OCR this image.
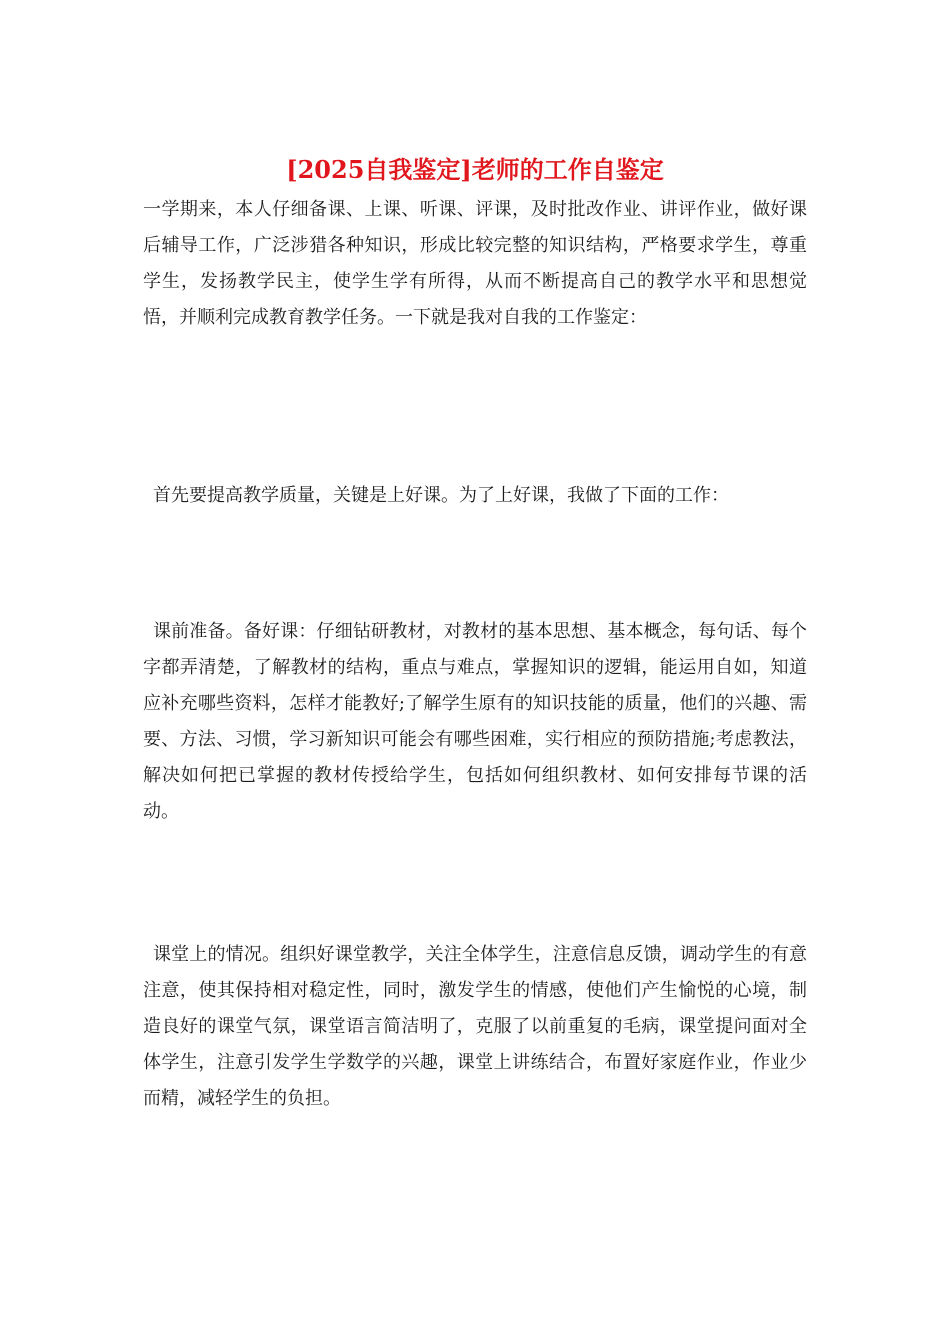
[2025自我鉴定]老师的工作自鉴定

一学期来，本人仔细备课、上课、听课、评课，及时批改作业、讲评作业，做好课后辅导工作，广泛涉猎各种知识，形成比较完整的知识结构，严格要求学生，尊重学生，发扬教学民主，使学生学有所得，从而不断提高自己的教学水平和思想觉悟，并顺利完成教育教学任务。一下就是我对自我的工作鉴定：

首先要提高教学质量，关键是上好课。为了上好课，我做了下面的工作：

课前准备。备好课：仔细钻研教材，对教材的基本思想、基本概念，每句话、每个字都弄清楚，了解教材的结构，重点与难点，掌握知识的逻辑，能运用自如，知道应补充哪些资料，怎样才能教好;了解学生原有的知识技能的质量，他们的兴趣、需要、方法、习惯，学习新知识可能会有哪些困难，实行相应的预防措施;考虑教法，解决如何把已掌握的教材传授给学生，包括如何组织教材、如何安排每节课的活动。

课堂上的情况。组织好课堂教学，关注全体学生，注意信息反馈，调动学生的有意注意，使其保持相对稳定性，同时，激发学生的情感，使他们产生愉悦的心境，制造良好的课堂气氛，课堂语言简洁明了，克服了以前重复的毛病，课堂提问面对全体学生，注意引发学生学数学的兴趣，课堂上讲练结合，布置好家庭作业，作业少而精，减轻学生的负担。
